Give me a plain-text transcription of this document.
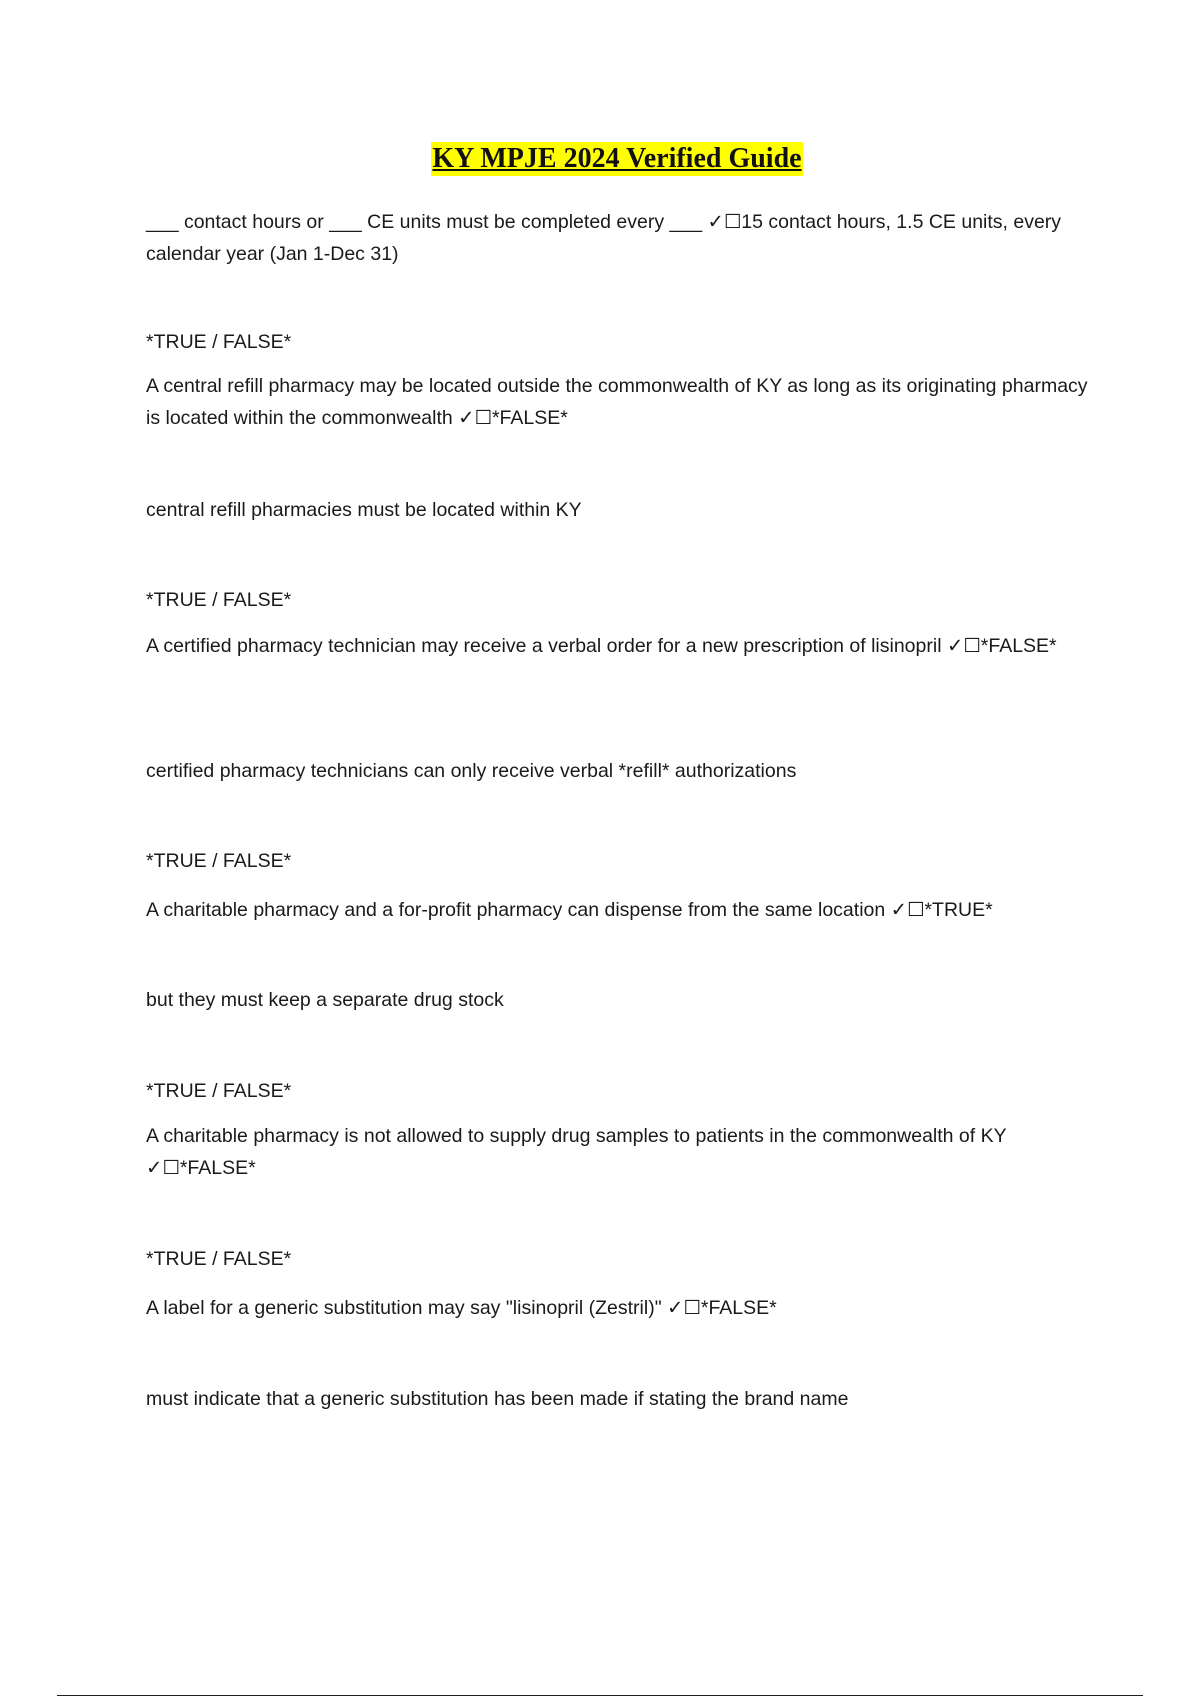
KY MPJE 2024 Verified Guide

___ contact hours or ___ CE units must be completed every ___ ✓☐15 contact hours, 1.5 CE units, every calendar year (Jan 1-Dec 31)

*TRUE / FALSE*

A central refill pharmacy may be located outside the commonwealth of KY as long as its originating pharmacy is located within the commonwealth ✓☐*FALSE*

central refill pharmacies must be located within KY

*TRUE / FALSE*

A certified pharmacy technician may receive a verbal order for a new prescription of lisinopril ✓☐*FALSE*

certified pharmacy technicians can only receive verbal *refill* authorizations

*TRUE / FALSE*

A charitable pharmacy and a for-profit pharmacy can dispense from the same location ✓☐*TRUE*

but they must keep a separate drug stock

*TRUE / FALSE*

A charitable pharmacy is not allowed to supply drug samples to patients in the commonwealth of KY ✓☐*FALSE*

*TRUE / FALSE*

A label for a generic substitution may say "lisinopril (Zestril)" ✓☐*FALSE*

must indicate that a generic substitution has been made if stating the brand name
